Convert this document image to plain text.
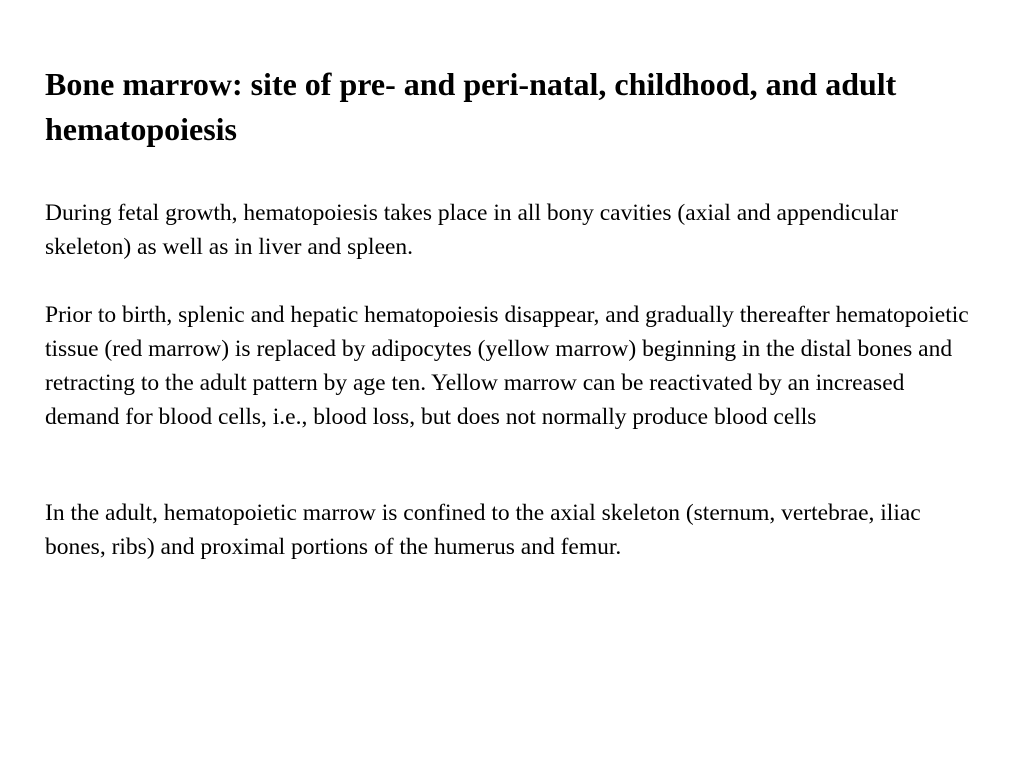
Bone marrow: site of pre- and peri-natal, childhood, and adult hematopoiesis

During fetal growth, hematopoiesis takes place in all bony cavities (axial and appendicular skeleton) as well as in liver and spleen.

Prior to birth, splenic and hepatic hematopoiesis disappear, and gradually thereafter hematopoietic tissue (red marrow) is replaced by adipocytes (yellow marrow) beginning in the distal bones and retracting to the adult pattern by age ten. Yellow marrow can be reactivated by an increased demand for blood cells, i.e., blood loss, but does not normally produce blood cells

In the adult, hematopoietic marrow is confined to the axial skeleton (sternum, vertebrae, iliac bones, ribs) and proximal portions of the humerus and femur.
